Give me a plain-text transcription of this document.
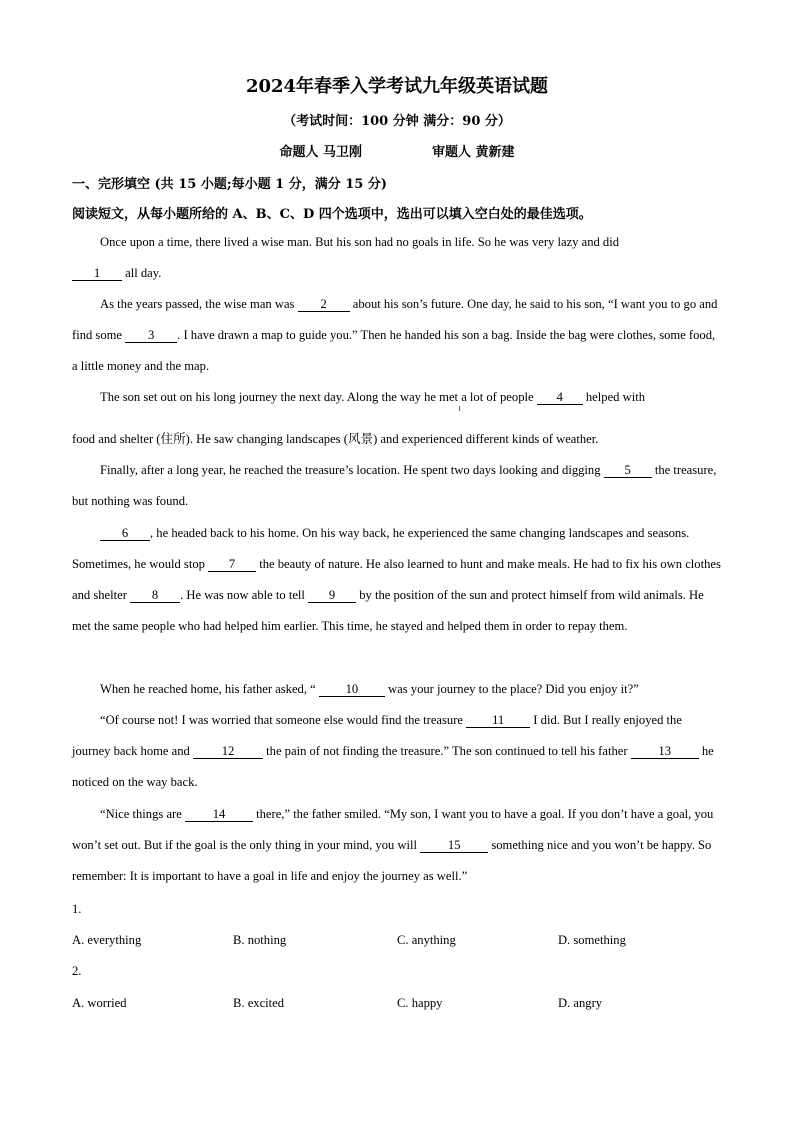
2024年春季入学考试九年级英语试题
（考试时间：100 分钟 满分：90 分）
命题人 马卫刚	审题人 黄新建
一、完形填空 (共 15 小题;每小题 1 分，满分 15 分)
阅读短文，从每小题所给的 A、B、C、D 四个选项中，选出可以填入空白处的最佳选项。
Once upon a time, there lived a wise man. But his son had no goals in life. So he was very lazy and did
1 all day.
As the years passed, the wise man was 2 about his son’s future. One day, he said to his son, “I want you to go and find some 3 . I have drawn a map to guide you.” Then he handed his son a bag. Inside the bag were clothes, some food, a little money and the map.
The son set out on his long journey the next day. Along the way he met a lot of people 4 helped with
food and shelter (住所). He saw changing landscapes (风景) and experienced different kinds of weather.
Finally, after a long year, he reached the treasure’s location. He spent two days looking and digging 5 the treasure, but nothing was found.
6 , he headed back to his home. On his way back, he experienced the same changing landscapes and seasons. Sometimes, he would stop 7 the beauty of nature. He also learned to hunt and make meals. He had to fix his own clothes and shelter 8 . He was now able to tell 9 by the position of the sun and protect himself from wild animals. He met the same people who had helped him earlier. This time, he stayed and helped them in order to repay them.
When he reached home, his father asked, “ 10 was your journey to the place? Did you enjoy it?”
“Of course not! I was worried that someone else would find the treasure 11 I did. But I really enjoyed the journey back home and 12 the pain of not finding the treasure.” The son continued to tell his father 13 he noticed on the way back.
“Nice things are 14 there,” the father smiled. “My son, I want you to have a goal. If you don’t have a goal, you won’t set out. But if the goal is the only thing in your mind, you will 15 something nice and you won’t be happy. So remember: It is important to have a goal in life and enjoy the journey as well.”
1.
A. everything	B. nothing	C. anything	D. something
2.
A. worried	B. excited	C. happy	D. angry
